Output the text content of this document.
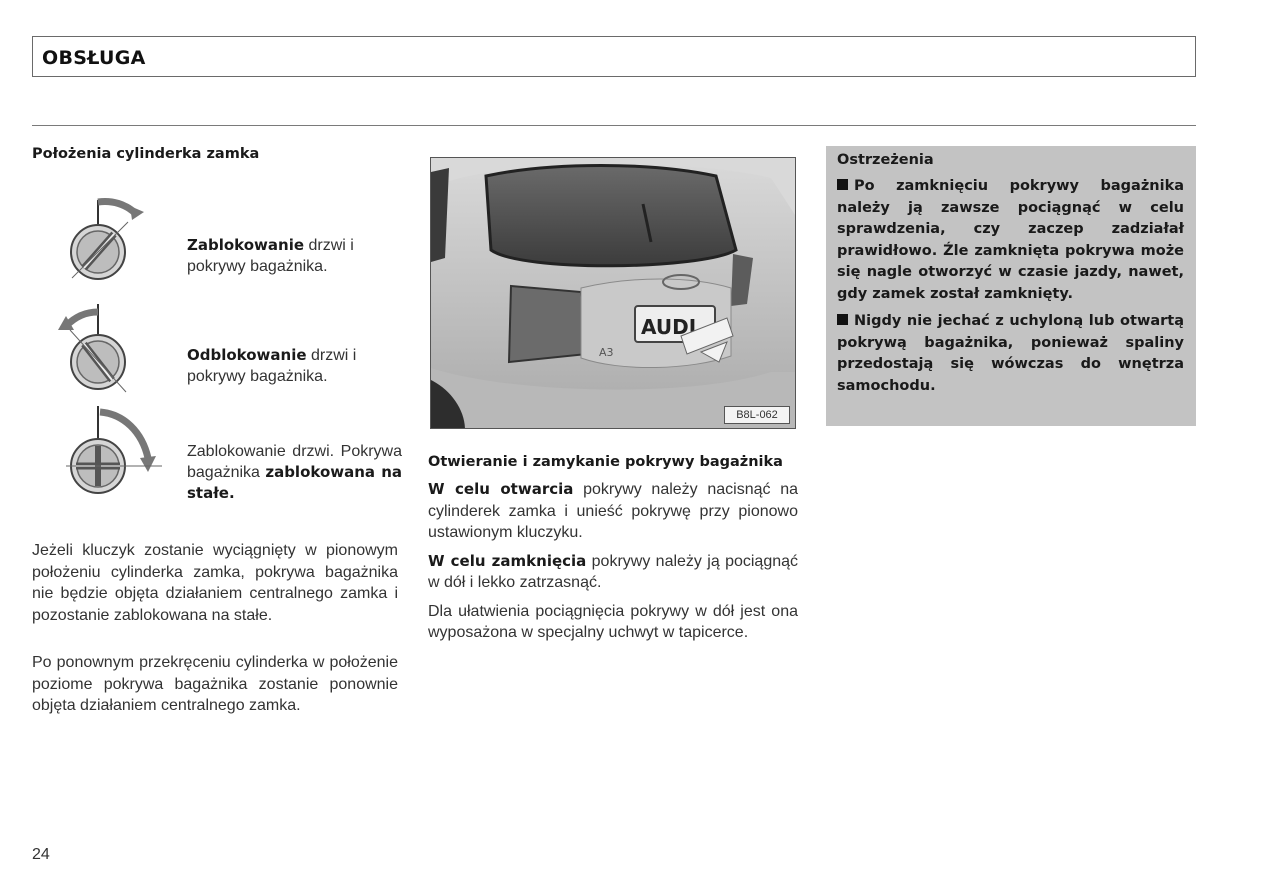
OBSŁUGA
Położenia cylinderka zamka
Zablokowanie drzwi i pokrywy bagażnika.
Odblokowanie drzwi i pokrywy bagażnika.
Zablokowanie drzwi. Pokrywa bagażnika zablokowana na stałe.
Jeżeli kluczyk zostanie wyciągnięty w pionowym położeniu cylinderka zamka, pokrywa bagażnika nie będzie objęta działaniem centralnego zamka i pozostanie zablokowana na stałe.
Po ponownym przekręceniu cylinderka w położenie poziome pokrywa bagażnika zostanie ponownie objęta działaniem centralnego zamka.
AUDI
A3
B8L-062
Otwieranie i zamykanie pokrywy bagażnika
W celu otwarcia pokrywy należy nacisnąć na cylinderek zamka i unieść pokrywę przy pionowo ustawionym kluczyku.
W celu zamknięcia pokrywy należy ją pociągnąć w dół i lekko zatrzasnąć.
Dla ułatwienia pociągnięcia pokrywy w dół jest ona wyposażona w specjalny uchwyt w tapicerce.
Ostrzeżenia
Po zamknięciu pokrywy bagażnika należy ją zawsze pociągnąć w celu sprawdzenia, czy zaczep zadziałał prawidłowo. Źle zamknięta pokrywa może się nagle otworzyć w czasie jazdy, nawet, gdy zamek został zamknięty.
Nigdy nie jechać z uchyloną lub otwartą pokrywą bagażnika, ponieważ spaliny przedostają się wówczas do wnętrza samochodu.
24
